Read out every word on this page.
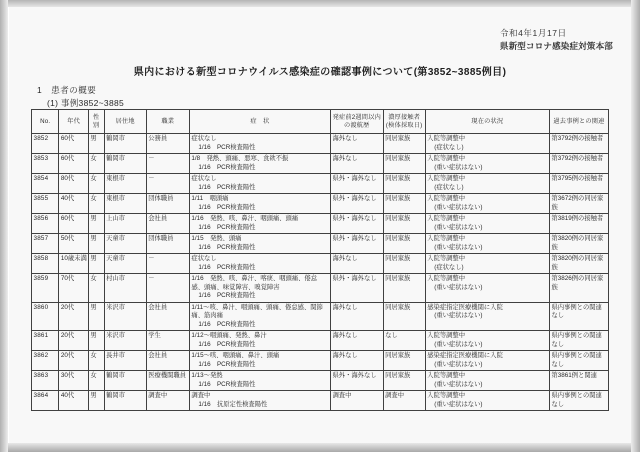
令和4年1月17日
県新型コロナ感染症対策本部
県内における新型コロナウイルス感染症の確認事例について(第3852~3885例目)
1 患者の概要
(1) 事例3852~3885
No.	年代	性別	居住地	職業	症　状	発症前2週間以内の渡航歴	濃厚接触者(検体採取日)	現在の状況	過去事例との関連
3852	60代	男	鶴岡市	公務員	症状なし
1/16　PCR検査陽性	海外なし	同居家族	入院等調整中
(症状なし)	第3792例の接触者
3853	60代	女	鶴岡市	－	1/8　発熱、頭痛、悪寒、食欲不振
1/16　PCR検査陽性	海外なし	同居家族	入院等調整中
(重い症状はない)	第3792例の接触者
3854	80代	女	東根市	－	症状なし
1/16　PCR検査陽性	県外・海外なし	同居家族	入院等調整中
(症状なし)	第3795例の接触者
3855	40代	女	東根市	団体職員	1/11　咽頭痛
1/16　PCR検査陽性	県外・海外なし	同居家族	入院等調整中
(重い症状はない)	第3672例の同居家族
3856	60代	男	上山市	会社員	1/16　発熱、咳、鼻汁、咽頭痛、頭痛
1/16　PCR検査陽性	県外・海外なし	同居家族	入院等調整中
(重い症状はない)	第3819例の接触者
3857	50代	男	天童市	団体職員	1/15　発熱、頭痛
1/16　PCR検査陽性	県外・海外なし	同居家族	入院等調整中
(重い症状はない)	第3820例の同居家族
3858	10歳未満	男	天童市	－	症状なし
1/16　PCR検査陽性	海外なし	同居家族	入院等調整中
(症状なし)	第3820例の同居家族
3859	70代	女	村山市	－	1/16　発熱、咳、鼻汁、喀痰、咽頭痛、倦怠感、頭痛、味覚障害、嗅覚障害
1/16　PCR検査陽性	県外・海外なし	同居家族	入院等調整中
(重い症状はない)	第3826例の同居家族
3860	20代	男	米沢市	会社員	1/11～咳、鼻汁、咽頭痛、頭痛、倦怠感、関節痛、筋肉痛
1/16　PCR検査陽性	海外なし	同居家族	感染症指定医療機関に入院
(重い症状はない)	県内事例との関連なし
3861	20代	男	米沢市	学生	1/12～咽頭痛、発熱、鼻汁
1/16　PCR検査陽性	海外なし	なし	入院等調整中
(重い症状はない)	県内事例との関連なし
3862	20代	女	長井市	会社員	1/15～咳、咽頭痛、鼻汁、頭痛
1/16　PCR検査陽性	海外なし	同居家族	感染症指定医療機関に入院
(重い症状はない)	県内事例との関連なし
3863	30代	女	鶴岡市	医療機関職員	1/13～発熱
1/16　PCR検査陽性	県外・海外なし	同居家族	入院等調整中
(重い症状はない)	第3861例と関連
3864	40代	男	鶴岡市	調査中	調査中
1/16　抗原定性検査陽性	調査中	調査中	入院等調整中
(重い症状はない)	県内事例との関連なし
